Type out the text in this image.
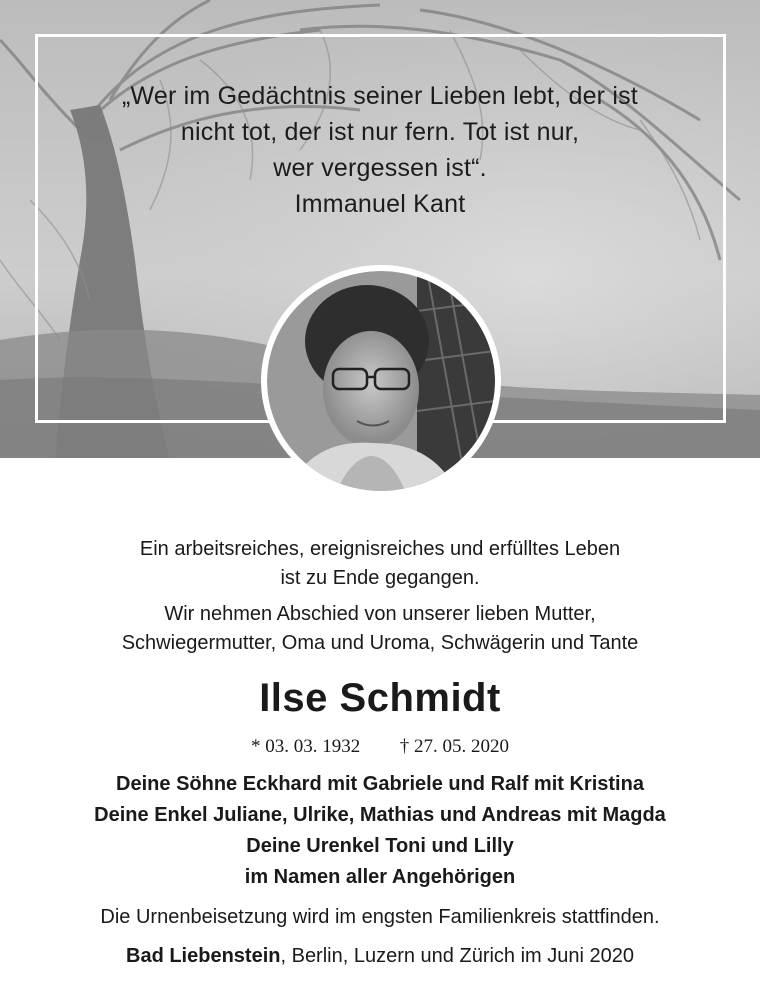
„Wer im Gedächtnis seiner Lieben lebt, der ist
nicht tot, der ist nur fern. Tot ist nur,
wer vergessen ist“.
Immanuel Kant
Ein arbeitsreiches, ereignisreiches und erfülltes Leben
ist zu Ende gegangen.
Wir nehmen Abschied von unserer lieben Mutter,
Schwiegermutter, Oma und Uroma, Schwägerin und Tante
Ilse Schmidt
* 03. 03. 1932 † 27. 05. 2020
Deine Söhne Eckhard mit Gabriele und Ralf mit Kristina
Deine Enkel Juliane, Ulrike, Mathias und Andreas mit Magda
Deine Urenkel Toni und Lilly
im Namen aller Angehörigen
Die Urnenbeisetzung wird im engsten Familienkreis stattfinden.
Bad Liebenstein, Berlin, Luzern und Zürich im Juni 2020
